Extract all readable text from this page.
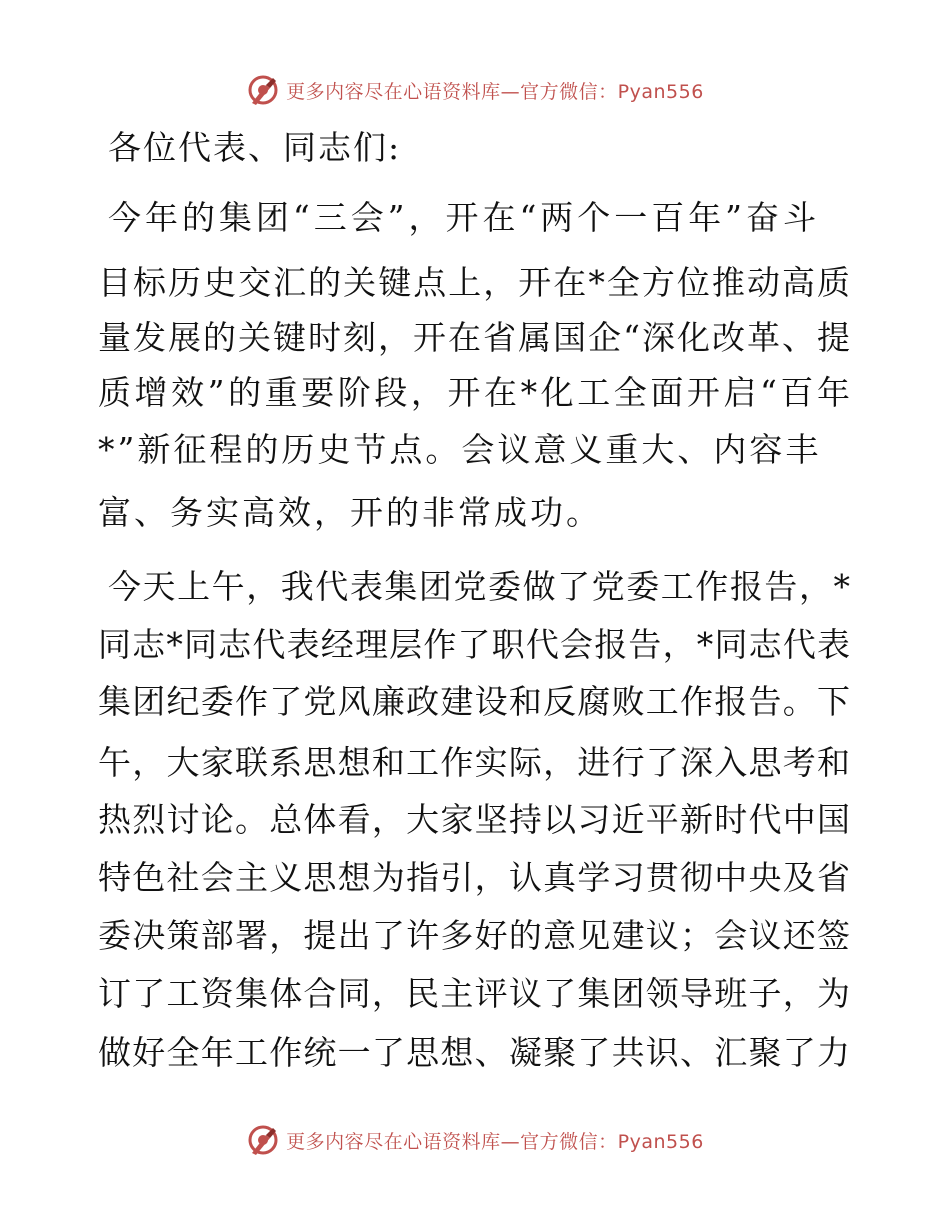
更多内容尽在心语资料库—官方微信：Pyan556
各位代表、同志们:
今年的集团“三会”，开在“两个一百年”奋斗
目标历史交汇的关键点上，开在*全方位推动高质
量发展的关键时刻，开在省属国企“深化改革、提
质增效”的重要阶段，开在*化工全面开启“百年
*”新征程的历史节点。会议意义重大、内容丰
富、务实高效，开的非常成功。
今天上午，我代表集团党委做了党委工作报告，*
同志*同志代表经理层作了职代会报告，*同志代表
集团纪委作了党风廉政建设和反腐败工作报告。下
午，大家联系思想和工作实际，进行了深入思考和
热烈讨论。总体看，大家坚持以习近平新时代中国
特色社会主义思想为指引，认真学习贯彻中央及省
委决策部署，提出了许多好的意见建议；会议还签
订了工资集体合同，民主评议了集团领导班子，为
做好全年工作统一了思想、凝聚了共识、汇聚了力
更多内容尽在心语资料库—官方微信：Pyan556
